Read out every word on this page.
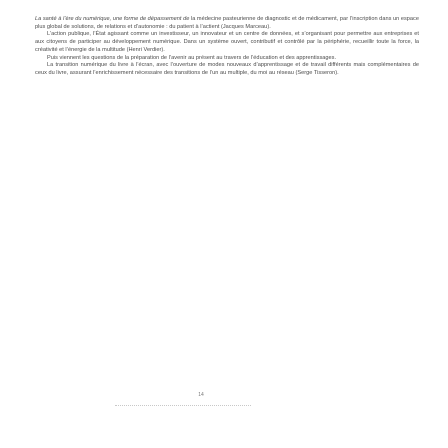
La santé à l’ère du numérique, une forme de dépassement de la médecine pasteurienne de diagnostic et de médicament, par l’inscription dans un espace plus global de solutions, de relations et d’autonomie : du patient à l’actient (Jacques Marceau).

L’action publique, l’État agissant comme un investisseur, un innovateur et un centre de données, et s’organisant pour permettre aux entreprises et aux citoyens de participer au développement numérique. Dans un système ouvert, contributif et contrôlé par la périphérie, recueillir toute la force, la créativité et l’énergie de la multitude (Henri Verdier).

Puis viennent les questions de la préparation de l’avenir au présent au travers de l’éducation et des apprentissages.

La transition numérique du livre à l’écran, avec l’ouverture de modes nouveaux d’apprentissage et de travail différents mais complémentaires de ceux du livre, assurant l’enrichissement nécessaire des transitions de l’un au multiple, du moi au réseau (Serge Tisseron).

14
